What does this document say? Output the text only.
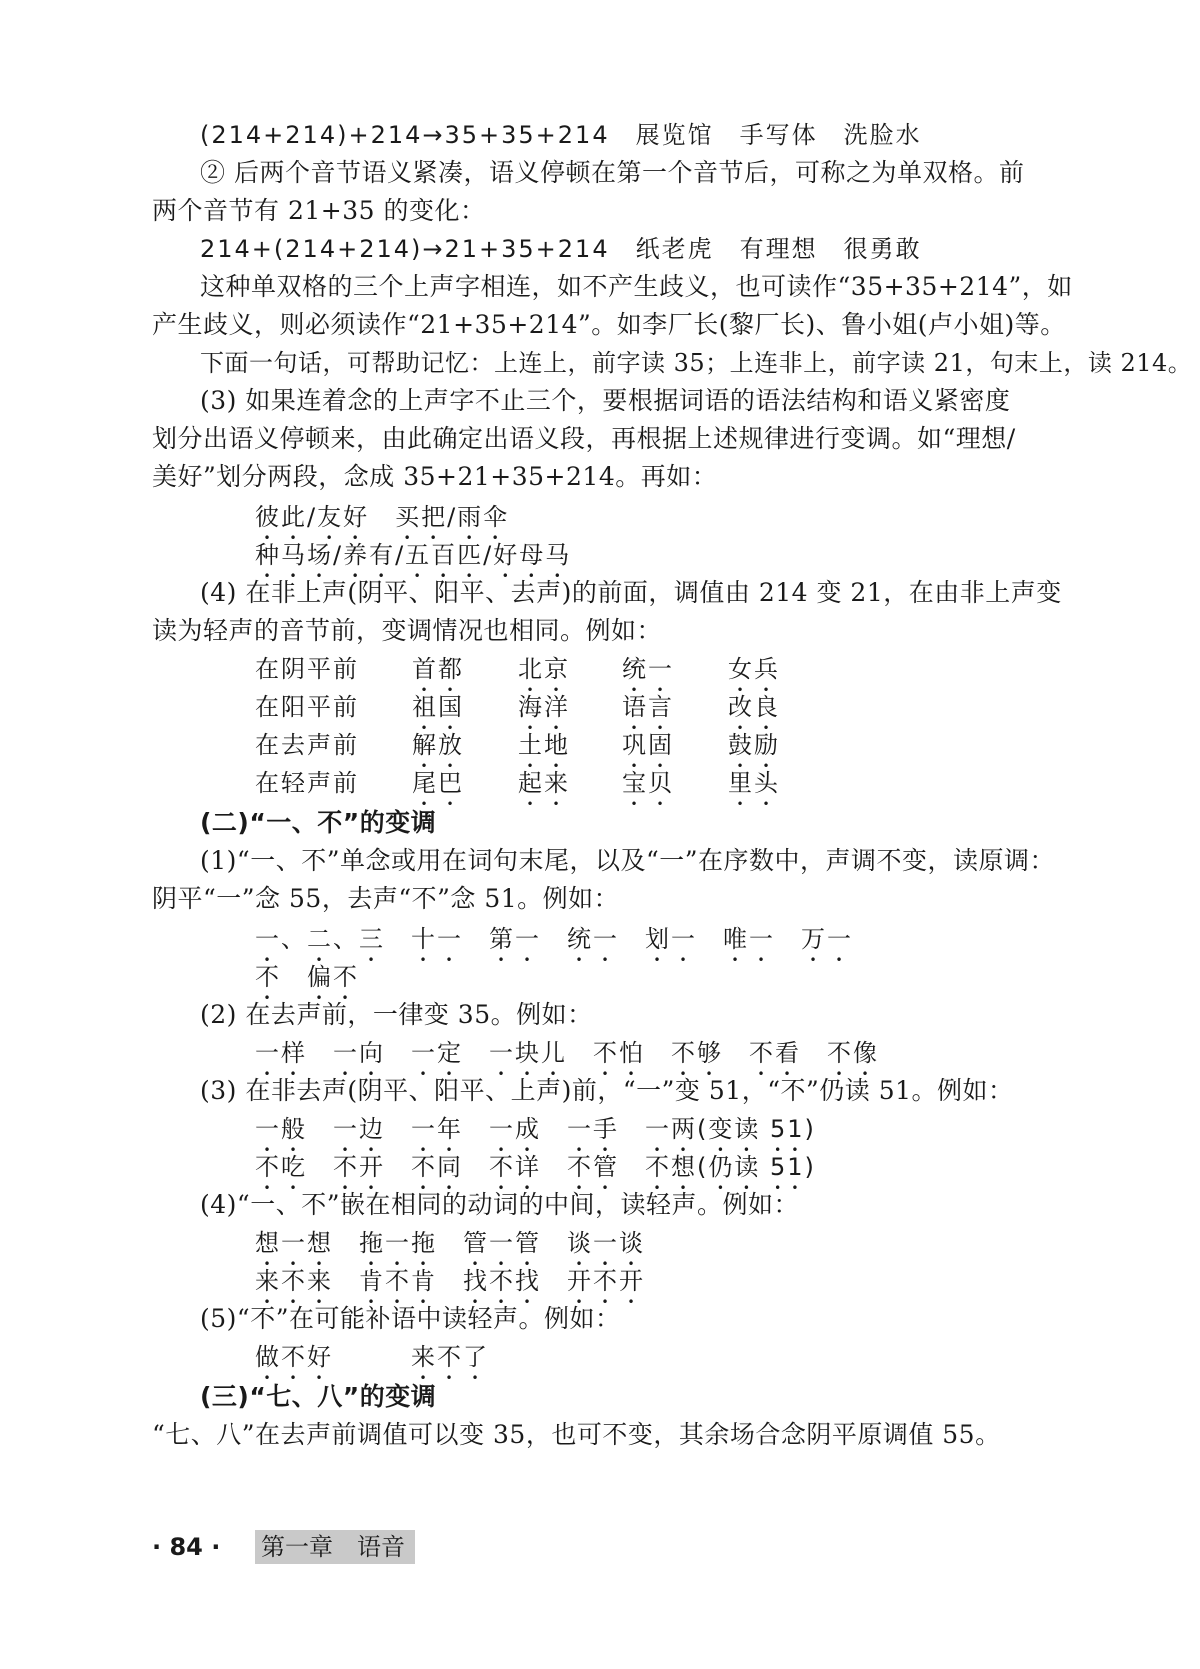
(214+214)+214→35+35+214　展览馆　手写体　洗脸水
② 后两个音节语义紧凑，语义停顿在第一个音节后，可称之为单双格。前
两个音节有 21+35 的变化：
214+(214+214)→21+35+214　纸老虎　有理想　很勇敢
这种单双格的三个上声字相连，如不产生歧义，也可读作“35+35+214”，如
产生歧义，则必须读作“21+35+214”。如李厂长(黎厂长)、鲁小姐(卢小姐)等。
下面一句话，可帮助记忆：上连上，前字读 35；上连非上，前字读 21，句末上，读 214。
(3) 如果连着念的上声字不止三个，要根据词语的语法结构和语义紧密度
划分出语义停顿来，由此确定出语义段，再根据上述规律进行变调。如“理想/
美好”划分两段，念成 35+21+35+214。再如：
彼此/友好　买把/雨伞
种马场/养有/五百匹/好母马
(4) 在非上声(阴平、阳平、去声)的前面，调值由 214 变 21，在由非上声变
读为轻声的音节前，变调情况也相同。例如：
在阴平前 首都 北京 统一 女兵
在阳平前 祖国 海洋 语言 改良
在去声前 解放 土地 巩固 鼓励
在轻声前 尾巴 起来 宝贝 里头
(二)“一、不”的变调
(1)“一、不”单念或用在词句末尾，以及“一”在序数中，声调不变，读原调：
阴平“一”念 55，去声“不”念 51。例如：
一、二、三　十一　第一　统一　划一　唯一　万一
不　偏不
(2) 在去声前，一律变 35。例如：
一样　一向　一定　一块儿　不怕　不够　不看　不像
(3) 在非去声(阴平、阳平、上声)前，“一”变 51，“不”仍读 51。例如：
一般　一边　一年　一成　一手　一两(变读 51)
不吃　不开　不同　不详　不管　不想(仍读 51)
(4)“一、不”嵌在相同的动词的中间，读轻声。例如：
想一想　拖一拖　管一管　谈一谈
来不来　肯不肯　找不找　开不开
(5)“不”在可能补语中读轻声。例如：
做不好　　　来不了
(三)“七、八”的变调
“七、八”在去声前调值可以变 35，也可不变，其余场合念阴平原调值 55。
· 84 · 第一章　语音
